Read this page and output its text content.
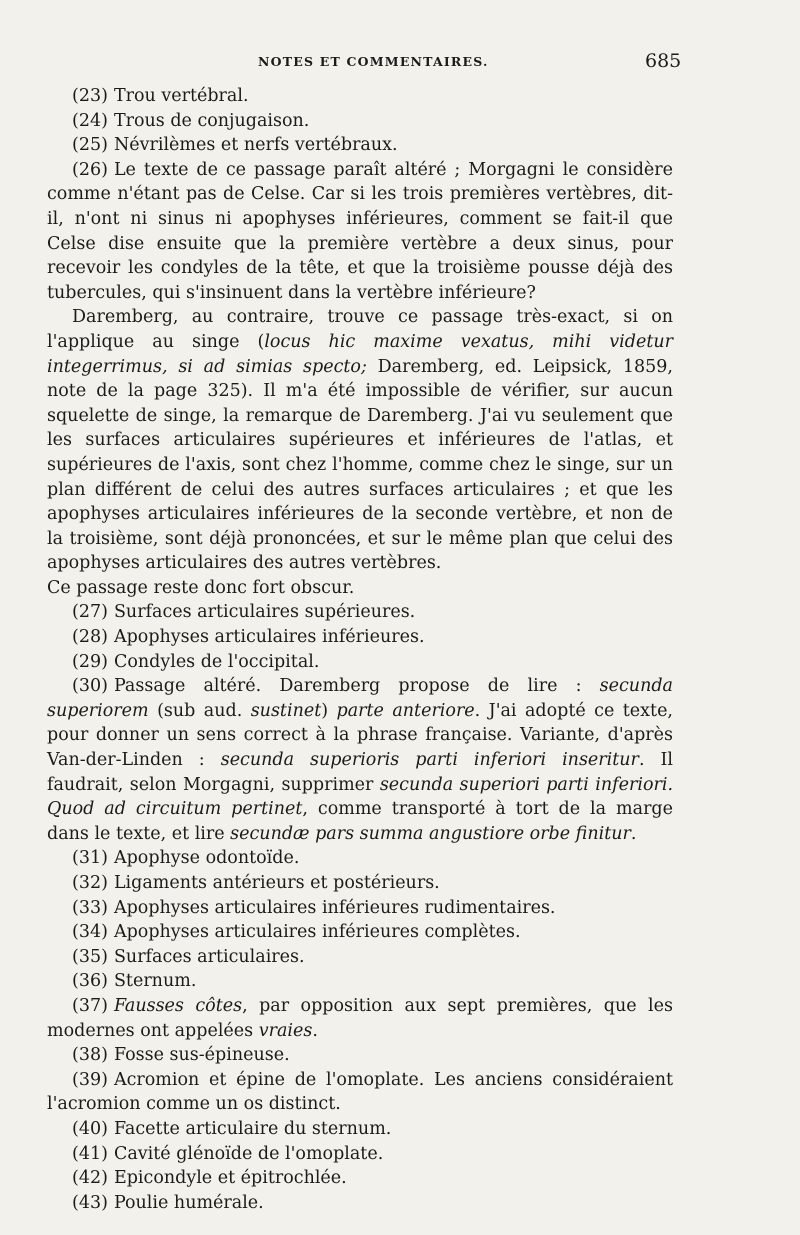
NOTES ET COMMENTAIRES.	685

(23) Trou vertébral.

(24) Trous de conjugaison.

(25) Névrilèmes et nerfs vertébraux.

(26) Le texte de ce passage paraît altéré ; Morgagni le considère comme n'étant pas de Celse. Car si les trois premières vertèbres, dit-il, n'ont ni sinus ni apophyses inférieures, comment se fait-il que Celse dise ensuite que la première vertèbre a deux sinus, pour recevoir les condyles de la tête, et que la troisième pousse déjà des tubercules, qui s'insinuent dans la vertèbre inférieure?

Daremberg, au contraire, trouve ce passage très-exact, si on l'applique au singe (locus hic maxime vexatus, mihi videtur integerrimus, si ad simias specto; Daremberg, ed. Leipsick, 1859, note de la page 325). Il m'a été impossible de vérifier, sur aucun squelette de singe, la remarque de Daremberg. J'ai vu seulement que les surfaces articulaires supérieures et inférieures de l'atlas, et supérieures de l'axis, sont chez l'homme, comme chez le singe, sur un plan différent de celui des autres surfaces articulaires ; et que les apophyses articulaires inférieures de la seconde vertèbre, et non de la troisième, sont déjà prononcées, et sur le même plan que celui des apophyses articulaires des autres vertèbres.

Ce passage reste donc fort obscur.

(27) Surfaces articulaires supérieures.

(28) Apophyses articulaires inférieures.

(29) Condyles de l'occipital.

(30) Passage altéré. Daremberg propose de lire : secunda superiorem (sub aud. sustinet) parte anteriore. J'ai adopté ce texte, pour donner un sens correct à la phrase française. Variante, d'après Van-der-Linden : secunda superioris parti inferiori inseritur. Il faudrait, selon Morgagni, supprimer secunda superiori parti inferiori. Quod ad circuitum pertinet, comme transporté à tort de la marge dans le texte, et lire secundæ pars summa angustiore orbe finitur.

(31) Apophyse odontoïde.

(32) Ligaments antérieurs et postérieurs.

(33) Apophyses articulaires inférieures rudimentaires.

(34) Apophyses articulaires inférieures complètes.

(35) Surfaces articulaires.

(36) Sternum.

(37) Fausses côtes, par opposition aux sept premières, que les modernes ont appelées vraies.

(38) Fosse sus-épineuse.

(39) Acromion et épine de l'omoplate. Les anciens considéraient l'acromion comme un os distinct.

(40) Facette articulaire du sternum.

(41) Cavité glénoïde de l'omoplate.

(42) Epicondyle et épitrochlée.

(43) Poulie humérale.
